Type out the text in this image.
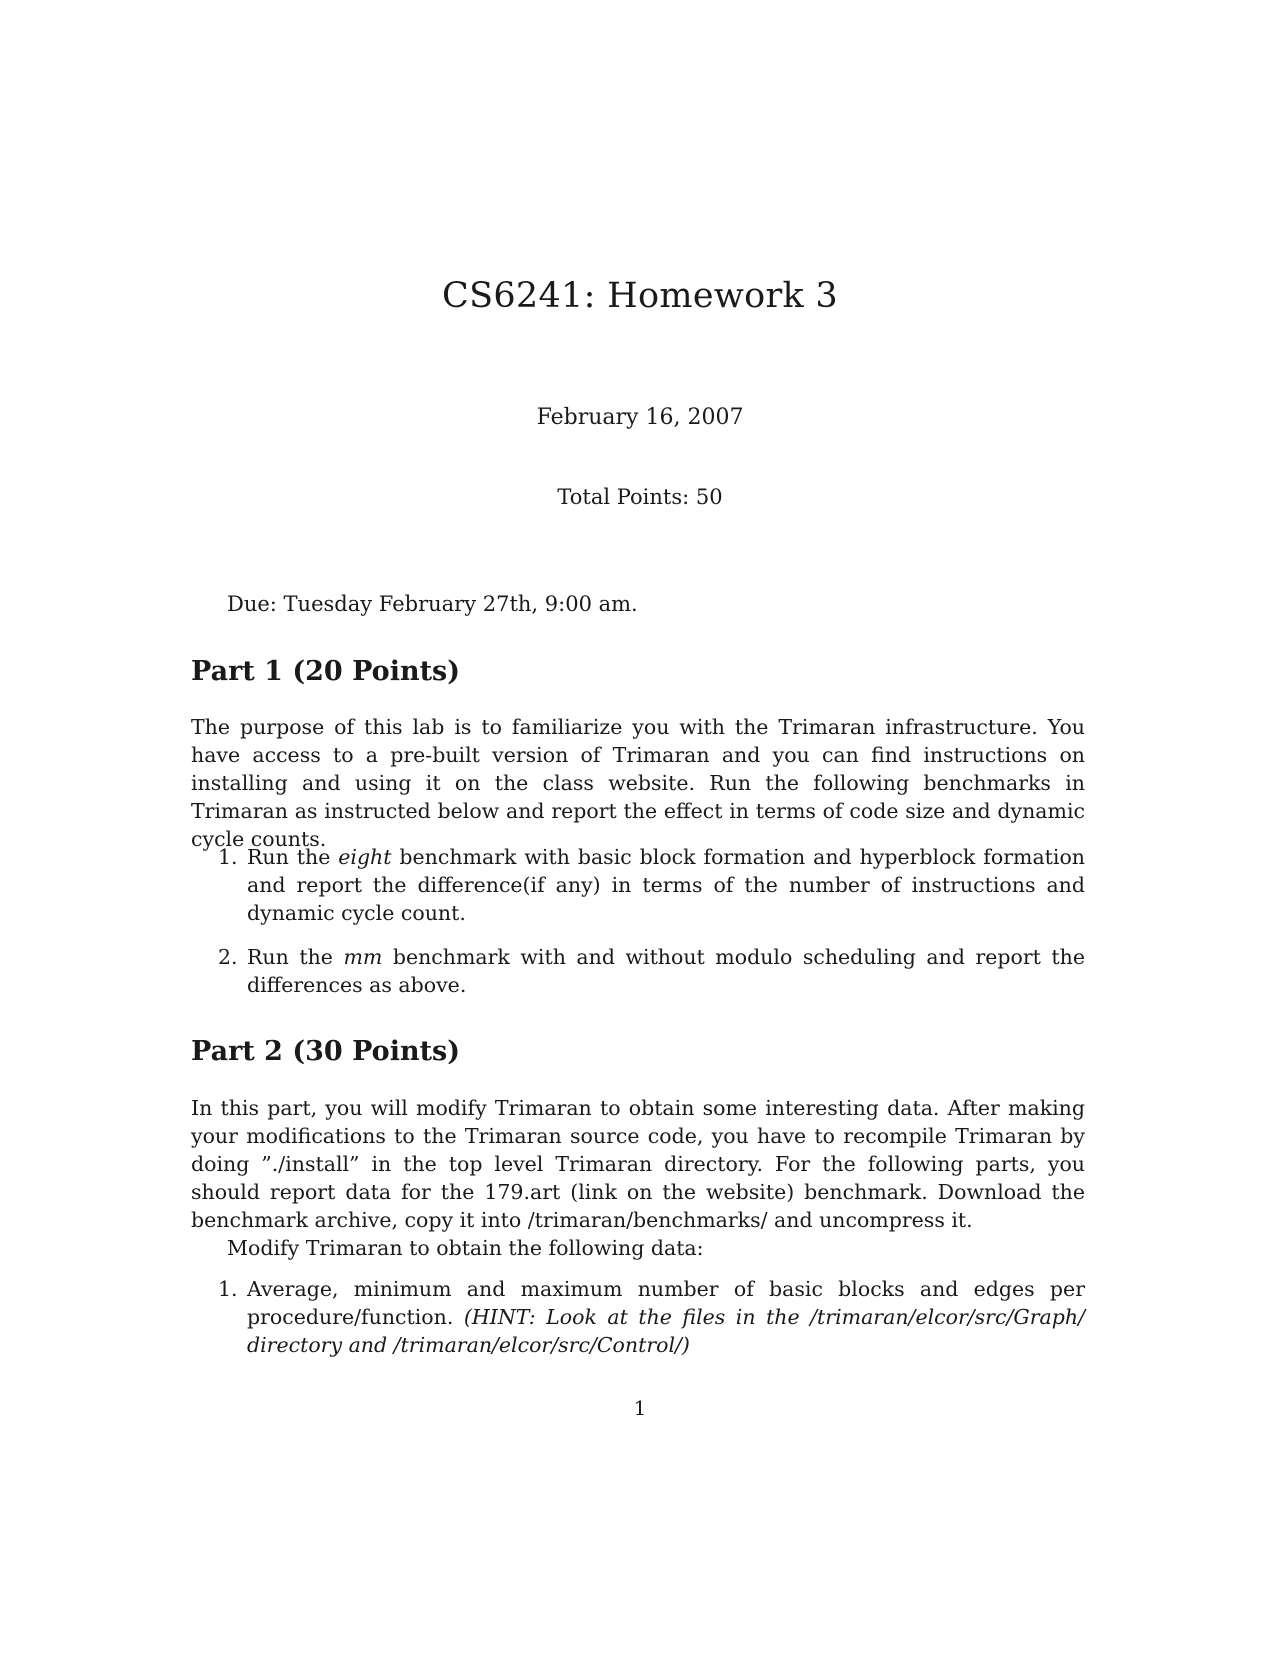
CS6241: Homework 3

February 16, 2007

Total Points: 50

Due: Tuesday February 27th, 9:00 am.

Part 1 (20 Points)

The purpose of this lab is to familiarize you with the Trimaran infrastructure. You have access to a pre-built version of Trimaran and you can find instructions on installing and using it on the class website. Run the following benchmarks in Trimaran as instructed below and report the effect in terms of code size and dynamic cycle counts.

1. Run the eight benchmark with basic block formation and hyperblock formation and report the difference(if any) in terms of the number of instructions and dynamic cycle count.
2. Run the mm benchmark with and without modulo scheduling and report the differences as above.
Part 2 (30 Points)
In this part, you will modify Trimaran to obtain some interesting data. After making your modifications to the Trimaran source code, you have to recompile Trimaran by doing ”./install” in the top level Trimaran directory. For the following parts, you should report data for the 179.art (link on the website) benchmark. Download the benchmark archive, copy it into /trimaran/benchmarks/ and uncompress it.
Modify Trimaran to obtain the following data:
1. Average, minimum and maximum number of basic blocks and edges per procedure/function. (HINT: Look at the files in the /trimaran/elcor/src/Graph/ directory and /trimaran/elcor/src/Control/)

1
